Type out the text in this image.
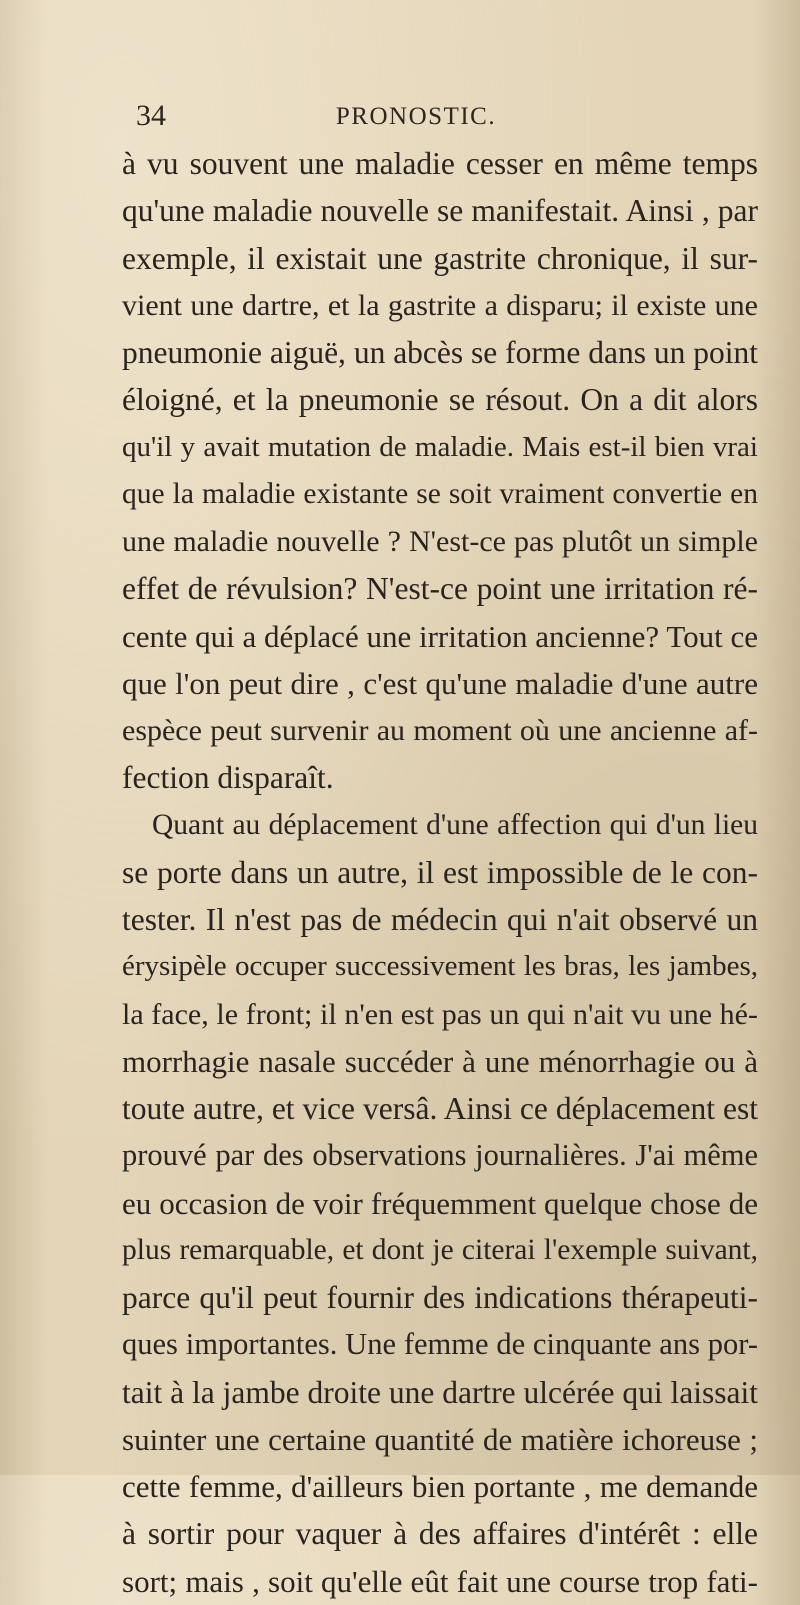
34	PRONOSTIC.
à vu souvent une maladie cesser en même temps
qu'une maladie nouvelle se manifestait. Ainsi , par
exemple, il existait une gastrite chronique, il sur-
vient une dartre, et la gastrite a disparu; il existe une
pneumonie aiguë, un abcès se forme dans un point
éloigné, et la pneumonie se résout. On a dit alors
qu'il y avait mutation de maladie. Mais est-il bien vrai
que la maladie existante se soit vraiment convertie en
une maladie nouvelle ? N'est-ce pas plutôt un simple
effet de révulsion? N'est-ce point une irritation ré-
cente qui a déplacé une irritation ancienne? Tout ce
que l'on peut dire , c'est qu'une maladie d'une autre
espèce peut survenir au moment où une ancienne af-
fection disparaît.
Quant au déplacement d'une affection qui d'un lieu
se porte dans un autre, il est impossible de le con-
tester. Il n'est pas de médecin qui n'ait observé un
érysipèle occuper successivement les bras, les jambes,
la face, le front; il n'en est pas un qui n'ait vu une hé-
morrhagie nasale succéder à une ménorrhagie ou à
toute autre, et vice versâ. Ainsi ce déplacement est
prouvé par des observations journalières. J'ai même
eu occasion de voir fréquemment quelque chose de
plus remarquable, et dont je citerai l'exemple suivant,
parce qu'il peut fournir des indications thérapeuti-
ques importantes. Une femme de cinquante ans por-
tait à la jambe droite une dartre ulcérée qui laissait
suinter une certaine quantité de matière ichoreuse ;
cette femme, d'ailleurs bien portante , me demande
à sortir pour vaquer à des affaires d'intérêt : elle
sort; mais , soit qu'elle eût fait une course trop fati-
